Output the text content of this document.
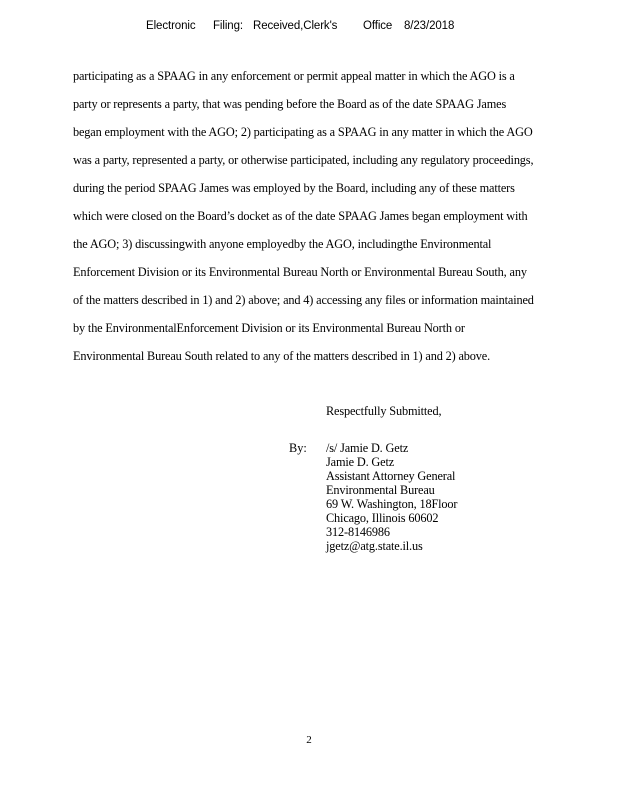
Electronic Filing: Received,Clerk's Office 8/23/2018
participating as a SPAAG in any enforcement or permit appeal matter in which the AGO is a
party or represents a party, that was pending before the Board as of the date SPAAG James
began employment with the AGO; 2) participating as a SPAAG in any matter in which the AGO
was a party, represented a party, or otherwise participated, including any regulatory proceedings,
during the period SPAAG James was employed by the Board, including any of these matters
which were closed on the Board’s docket as of the date SPAAG James began employment with
the AGO; 3) discussingwith anyone employedby the AGO, includingthe Environmental
Enforcement Division or its Environmental Bureau North or Environmental Bureau South, any
of the matters described in 1) and 2) above; and 4) accessing any files or information maintained
by the EnvironmentalEnforcement Division or its Environmental Bureau North or
Environmental Bureau South related to any of the matters described in 1) and 2) above.
Respectfully Submitted,
By: /s/ Jamie D. Getz
Jamie D. Getz
Assistant Attorney General
Environmental Bureau
69 W. Washington, 18Floor
Chicago, Illinois 60602
312-8146986
jgetz@atg.state.il.us
2
